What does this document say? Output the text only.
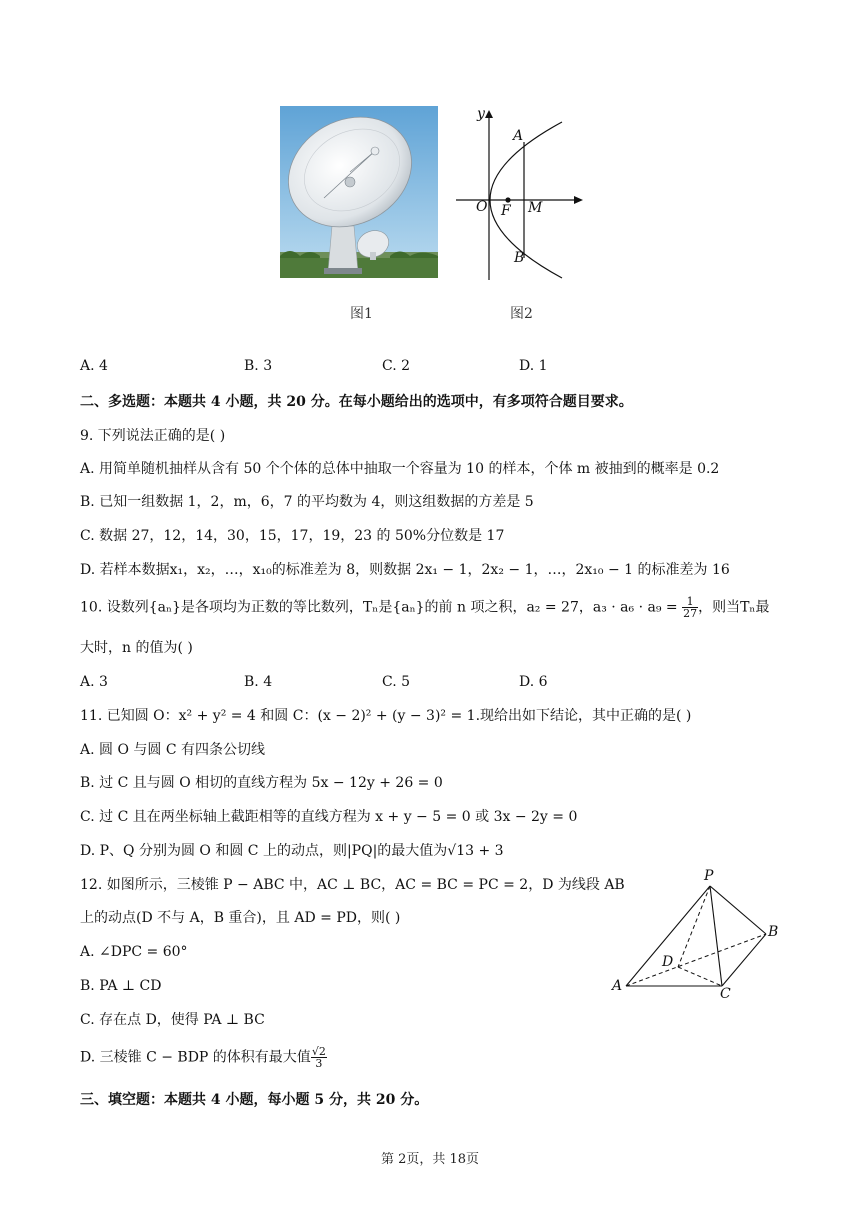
y
A
O F M
B
图1	图2
A. 4	B. 3	C. 2	D. 1
二、多选题：本题共 4 小题，共 20 分。在每小题给出的选项中，有多项符合题目要求。
9. 下列说法正确的是( )
A. 用简单随机抽样从含有 50 个个体的总体中抽取一个容量为 10 的样本，个体 m 被抽到的概率是 0.2
B. 已知一组数据 1，2，m，6，7 的平均数为 4，则这组数据的方差是 5
C. 数据 27，12，14，30，15，17，19，23 的 50%分位数是 17
D. 若样本数据x₁，x₂，…，x₁₀的标准差为 8，则数据 2x₁ − 1，2x₂ − 1，…，2x₁₀ − 1 的标准差为 16
10. 设数列{aₙ}是各项均为正数的等比数列，Tₙ是{aₙ}的前 n 项之积，a₂ = 27，$a_3 \cdot a_6 \cdot a_9 = \frac{1}{27}$ ，则当Tₙ最
大时，n 的值为( )
A. 3	B. 4	C. 5	D. 6
11. 已知圆 O：x² + y² = 4 和圆 C：(x − 2)² + (y − 3)² = 1.现给出如下结论，其中正确的是( )
A. 圆 O 与圆 C 有四条公切线
B. 过 C 且与圆 O 相切的直线方程为 5x − 12y + 26 = 0
C. 过 C 且在两坐标轴上截距相等的直线方程为 x + y − 5 = 0 或 3x − 2y = 0
D. P、Q 分别为圆 O 和圆 C 上的动点，则|PQ|的最大值为√13 + 3
12. 如图所示，三棱锥 P − ABC 中，AC ⊥ BC，AC = BC = PC = 2，D 为线段 AB
上的动点(D 不与 A，B 重合)，且 AD = PD，则( )
A. ∠DPC = 60°
B. PA ⊥ CD
C. 存在点 D，使得 PA ⊥ BC
D. 三棱锥 C − BDP 的体积有最大值 $\frac{√2}{3}$
P
B
D
A	C
三、填空题：本题共 4 小题，每小题 5 分，共 20 分。
第 2页，共 18页
